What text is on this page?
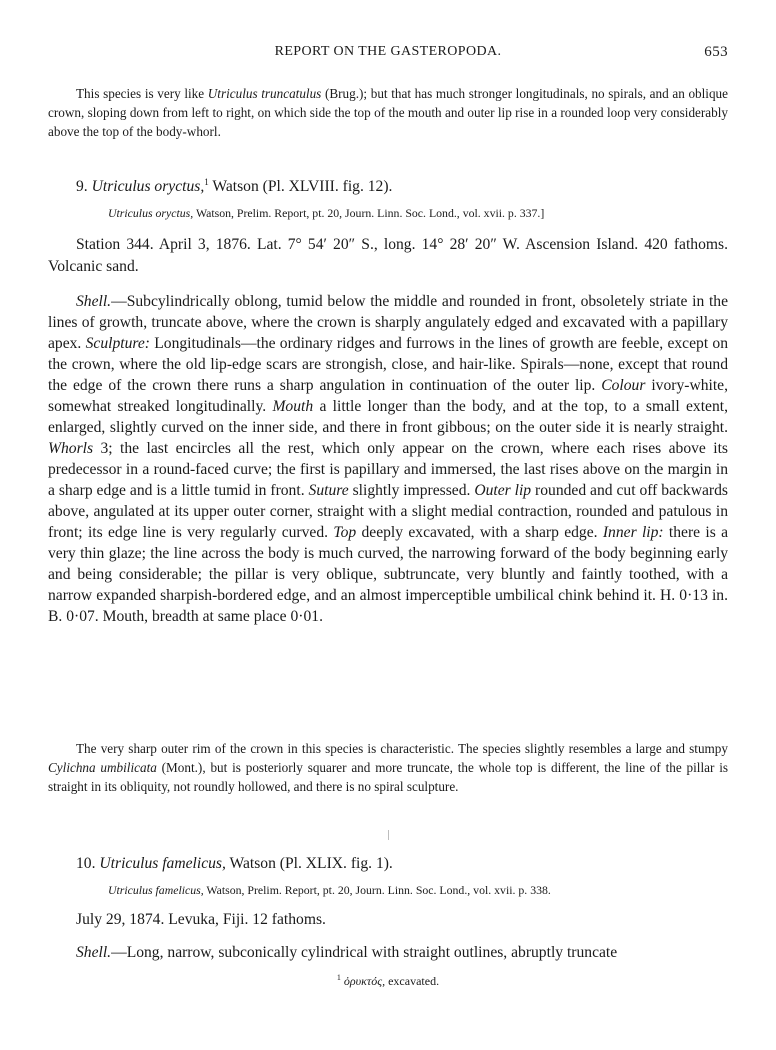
REPORT ON THE GASTEROPODA.	653
This species is very like Utriculus truncatulus (Brug.); but that has much stronger longitudinals, no spirals, and an oblique crown, sloping down from left to right, on which side the top of the mouth and outer lip rise in a rounded loop very considerably above the top of the body-whorl.
9. Utriculus oryctus,$^1$ Watson (Pl. XLVIII. fig. 12).
Utriculus oryctus, Watson, Prelim. Report, pt. 20, Journ. Linn. Soc. Lond., vol. xvii. p. 337.]
Station 344. April 3, 1876. Lat. 7° 54′ 20″ S., long. 14° 28′ 20″ W. Ascension Island. 420 fathoms. Volcanic sand.
Shell.—Subcylindrically oblong, tumid below the middle and rounded in front, obsoletely striate in the lines of growth, truncate above, where the crown is sharply angulately edged and excavated with a papillary apex. Sculpture: Longitudinals—the ordinary ridges and furrows in the lines of growth are feeble, except on the crown, where the old lip-edge scars are strongish, close, and hair-like. Spirals—none, except that round the edge of the crown there runs a sharp angulation in continuation of the outer lip. Colour ivory-white, somewhat streaked longitudinally. Mouth a little longer than the body, and at the top, to a small extent, enlarged, slightly curved on the inner side, and there in front gibbous; on the outer side it is nearly straight. Whorls 3; the last encircles all the rest, which only appear on the crown, where each rises above its predecessor in a round-faced curve; the first is papillary and immersed, the last rises above on the margin in a sharp edge and is a little tumid in front. Suture slightly impressed. Outer lip rounded and cut off backwards above, angulated at its upper outer corner, straight with a slight medial contraction, rounded and patulous in front; its edge line is very regularly curved. Top deeply excavated, with a sharp edge. Inner lip: there is a very thin glaze; the line across the body is much curved, the narrowing forward of the body beginning early and being considerable; the pillar is very oblique, subtruncate, very bluntly and faintly toothed, with a narrow expanded sharpish-bordered edge, and an almost imperceptible umbilical chink behind it. H. 0·13 in. B. 0·07. Mouth, breadth at same place 0·01.
The very sharp outer rim of the crown in this species is characteristic. The species slightly resembles a large and stumpy Cylichna umbilicata (Mont.), but is posteriorly squarer and more truncate, the whole top is different, the line of the pillar is straight in its obliquity, not roundly hollowed, and there is no spiral sculpture.
10. Utriculus famelicus, Watson (Pl. XLIX. fig. 1).
Utriculus famelicus, Watson, Prelim. Report, pt. 20, Journ. Linn. Soc. Lond., vol. xvii. p. 338.
July 29, 1874. Levuka, Fiji. 12 fathoms.
Shell.—Long, narrow, subconically cylindrical with straight outlines, abruptly truncate
$^1$ ὀρυκτός, excavated.
